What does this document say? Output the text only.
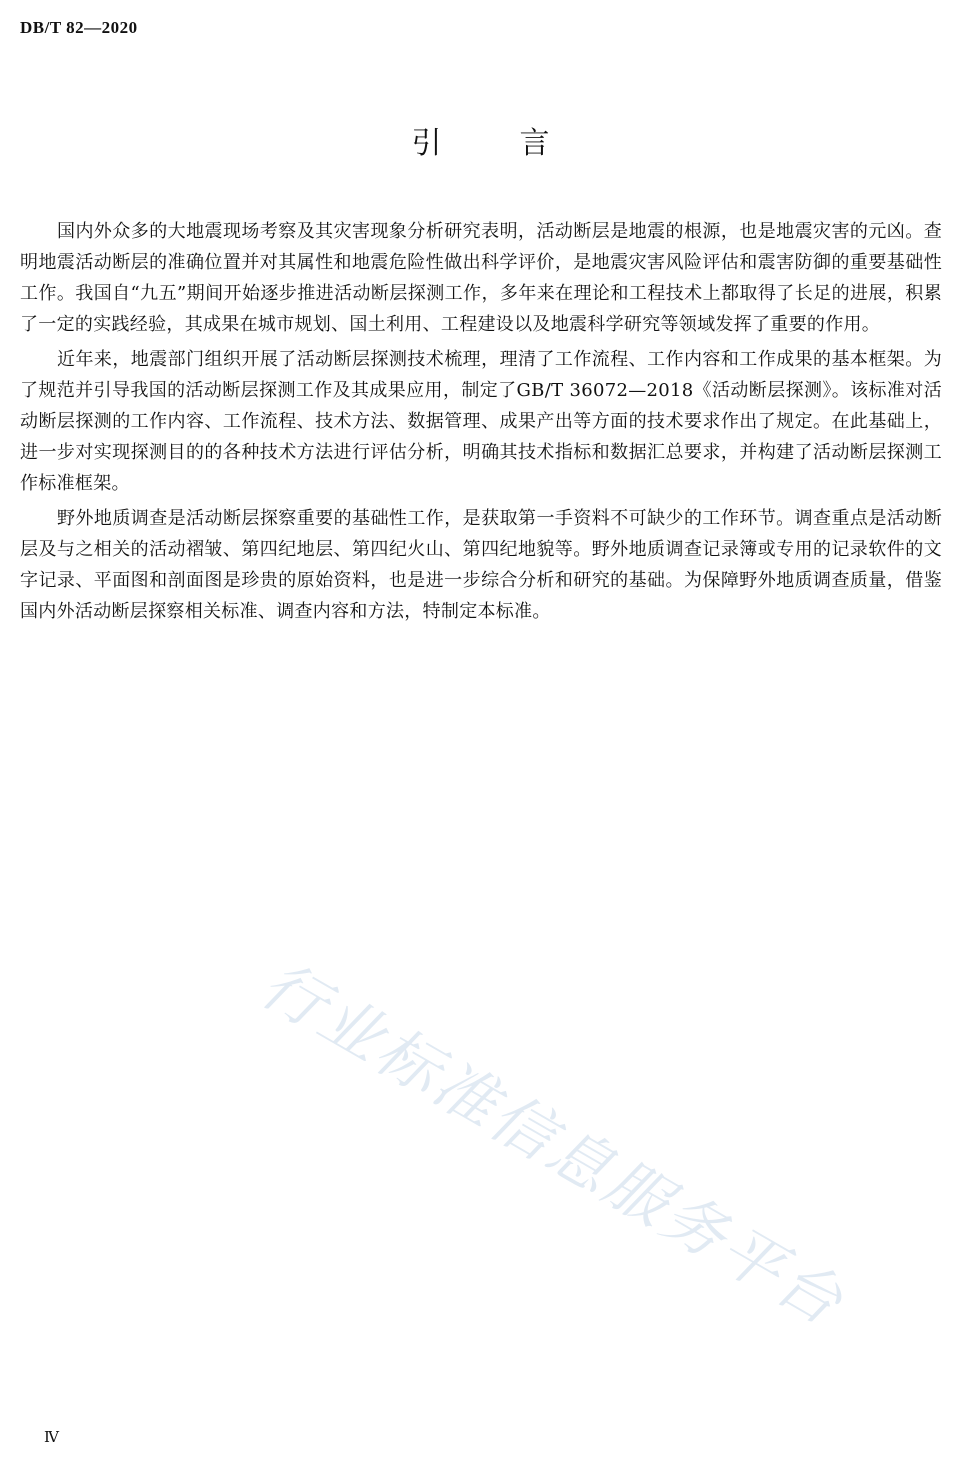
DB/T 82—2020
引	言

国内外众多的大地震现场考察及其灾害现象分析研究表明，活动断层是地震的根源，也是地震灾害的元凶。查明地震活动断层的准确位置并对其属性和地震危险性做出科学评价，是地震灾害风险评估和震害防御的重要基础性工作。我国自“九五”期间开始逐步推进活动断层探测工作，多年来在理论和工程技术上都取得了长足的进展，积累了一定的实践经验，其成果在城市规划、国土利用、工程建设以及地震科学研究等领域发挥了重要的作用。

近年来，地震部门组织开展了活动断层探测技术梳理，理清了工作流程、工作内容和工作成果的基本框架。为了规范并引导我国的活动断层探测工作及其成果应用，制定了GB/T 36072—2018《活动断层探测》。该标准对活动断层探测的工作内容、工作流程、技术方法、数据管理、成果产出等方面的技术要求作出了规定。在此基础上，进一步对实现探测目的的各种技术方法进行评估分析，明确其技术指标和数据汇总要求，并构建了活动断层探测工作标准框架。

野外地质调查是活动断层探察重要的基础性工作，是获取第一手资料不可缺少的工作环节。调查重点是活动断层及与之相关的活动褶皱、第四纪地层、第四纪火山、第四纪地貌等。野外地质调查记录簿或专用的记录软件的文字记录、平面图和剖面图是珍贵的原始资料，也是进一步综合分析和研究的基础。为保障野外地质调查质量，借鉴国内外活动断层探察相关标准、调查内容和方法，特制定本标准。

行业标准信息服务平台
Ⅳ
